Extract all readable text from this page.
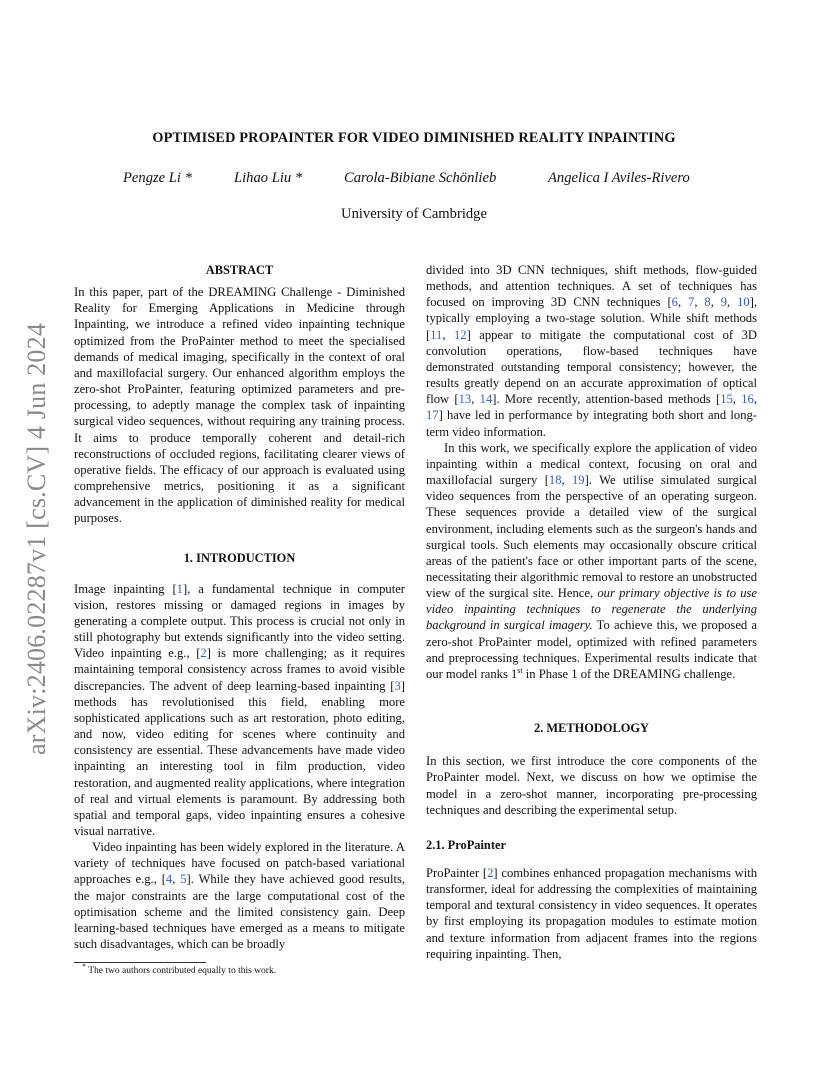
arXiv:2406.02287v1 [cs.CV] 4 Jun 2024
OPTIMISED PROPAINTER FOR VIDEO DIMINISHED REALITY INPAINTING
Pengze Li *	Lihao Liu *	Carola-Bibiane Schönlieb	Angelica I Aviles-Rivero
University of Cambridge

ABSTRACT

In this paper, part of the DREAMING Challenge - Diminished Reality for Emerging Applications in Medicine through Inpainting, we introduce a refined video inpainting technique optimized from the ProPainter method to meet the specialised demands of medical imaging, specifically in the context of oral and maxillofacial surgery. Our enhanced algorithm employs the zero-shot ProPainter, featuring optimized parameters and pre-processing, to adeptly manage the complex task of inpainting surgical video sequences, without requiring any training process. It aims to produce temporally coherent and detail-rich reconstructions of occluded regions, facilitating clearer views of operative fields. The efficacy of our approach is evaluated using comprehensive metrics, positioning it as a significant advancement in the application of diminished reality for medical purposes.

1. INTRODUCTION

Image inpainting [1], a fundamental technique in computer vision, restores missing or damaged regions in images by generating a complete output. This process is crucial not only in still photography but extends significantly into the video setting. Video inpainting e.g., [2] is more challenging; as it requires maintaining temporal consistency across frames to avoid visible discrepancies. The advent of deep learning-based inpainting [3] methods has revolutionised this field, enabling more sophisticated applications such as art restoration, photo editing, and now, video editing for scenes where continuity and consistency are essential. These advancements have made video inpainting an interesting tool in film production, video restoration, and augmented reality applications, where integration of real and virtual elements is paramount. By addressing both spatial and temporal gaps, video inpainting ensures a cohesive visual narrative.

Video inpainting has been widely explored in the literature. A variety of techniques have focused on patch-based variational approaches e.g., [4, 5]. While they have achieved good results, the major constraints are the large computational cost of the optimisation scheme and the limited consistency gain. Deep learning-based techniques have emerged as a means to mitigate such disadvantages, which can be broadly

divided into 3D CNN techniques, shift methods, flow-guided methods, and attention techniques. A set of techniques has focused on improving 3D CNN techniques [6, 7, 8, 9, 10], typically employing a two-stage solution. While shift methods [11, 12] appear to mitigate the computational cost of 3D convolution operations, flow-based techniques have demonstrated outstanding temporal consistency; however, the results greatly depend on an accurate approximation of optical flow [13, 14]. More recently, attention-based methods [15, 16, 17] have led in performance by integrating both short and long-term video information.

In this work, we specifically explore the application of video inpainting within a medical context, focusing on oral and maxillofacial surgery [18, 19]. We utilise simulated surgical video sequences from the perspective of an operating surgeon. These sequences provide a detailed view of the surgical environment, including elements such as the surgeon's hands and surgical tools. Such elements may occasionally obscure critical areas of the patient's face or other important parts of the scene, necessitating their algorithmic removal to restore an unobstructed view of the surgical site. Hence, our primary objective is to use video inpainting techniques to regenerate the underlying background in surgical imagery. To achieve this, we proposed a zero-shot ProPainter model, optimized with refined parameters and preprocessing techniques. Experimental results indicate that our model ranks 1st in Phase 1 of the DREAMING challenge.

2. METHODOLOGY

In this section, we first introduce the core components of the ProPainter model. Next, we discuss on how we optimise the model in a zero-shot manner, incorporating pre-processing techniques and describing the experimental setup.

2.1. ProPainter

ProPainter [2] combines enhanced propagation mechanisms with transformer, ideal for addressing the complexities of maintaining temporal and textural consistency in video sequences. It operates by first employing its propagation modules to estimate motion and texture information from adjacent frames into the regions requiring inpainting. Then,

* The two authors contributed equally to this work.
